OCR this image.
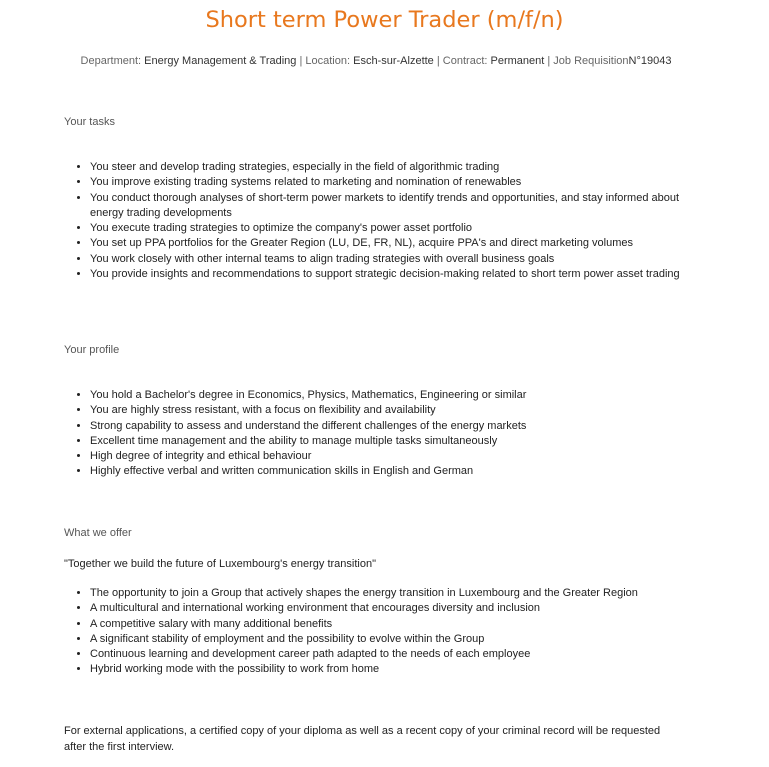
Short term Power Trader (m/f/n)
Department: Energy Management & Trading | Location: Esch-sur-Alzette | Contract: Permanent | Job RequisitionN°19043
Your tasks
• You steer and develop trading strategies, especially in the field of algorithmic trading
• You improve existing trading systems related to marketing and nomination of renewables
• You conduct thorough analyses of short-term power markets to identify trends and opportunities, and stay informed about energy trading developments
• You execute trading strategies to optimize the company's power asset portfolio
• You set up PPA portfolios for the Greater Region (LU, DE, FR, NL), acquire PPA's and direct marketing volumes
• You work closely with other internal teams to align trading strategies with overall business goals
• You provide insights and recommendations to support strategic decision-making related to short term power asset trading
Your profile
• You hold a Bachelor's degree in Economics, Physics, Mathematics, Engineering or similar
• You are highly stress resistant, with a focus on flexibility and availability
• Strong capability to assess and understand the different challenges of the energy markets
• Excellent time management and the ability to manage multiple tasks simultaneously
• High degree of integrity and ethical behaviour
• Highly effective verbal and written communication skills in English and German
What we offer

"Together we build the future of Luxembourg's energy transition"

• The opportunity to join a Group that actively shapes the energy transition in Luxembourg and the Greater Region
• A multicultural and international working environment that encourages diversity and inclusion
• A competitive salary with many additional benefits
• A significant stability of employment and the possibility to evolve within the Group
• Continuous learning and development career path adapted to the needs of each employee
• Hybrid working mode with the possibility to work from home

For external applications, a certified copy of your diploma as well as a recent copy of your criminal record will be requested after the first interview.
